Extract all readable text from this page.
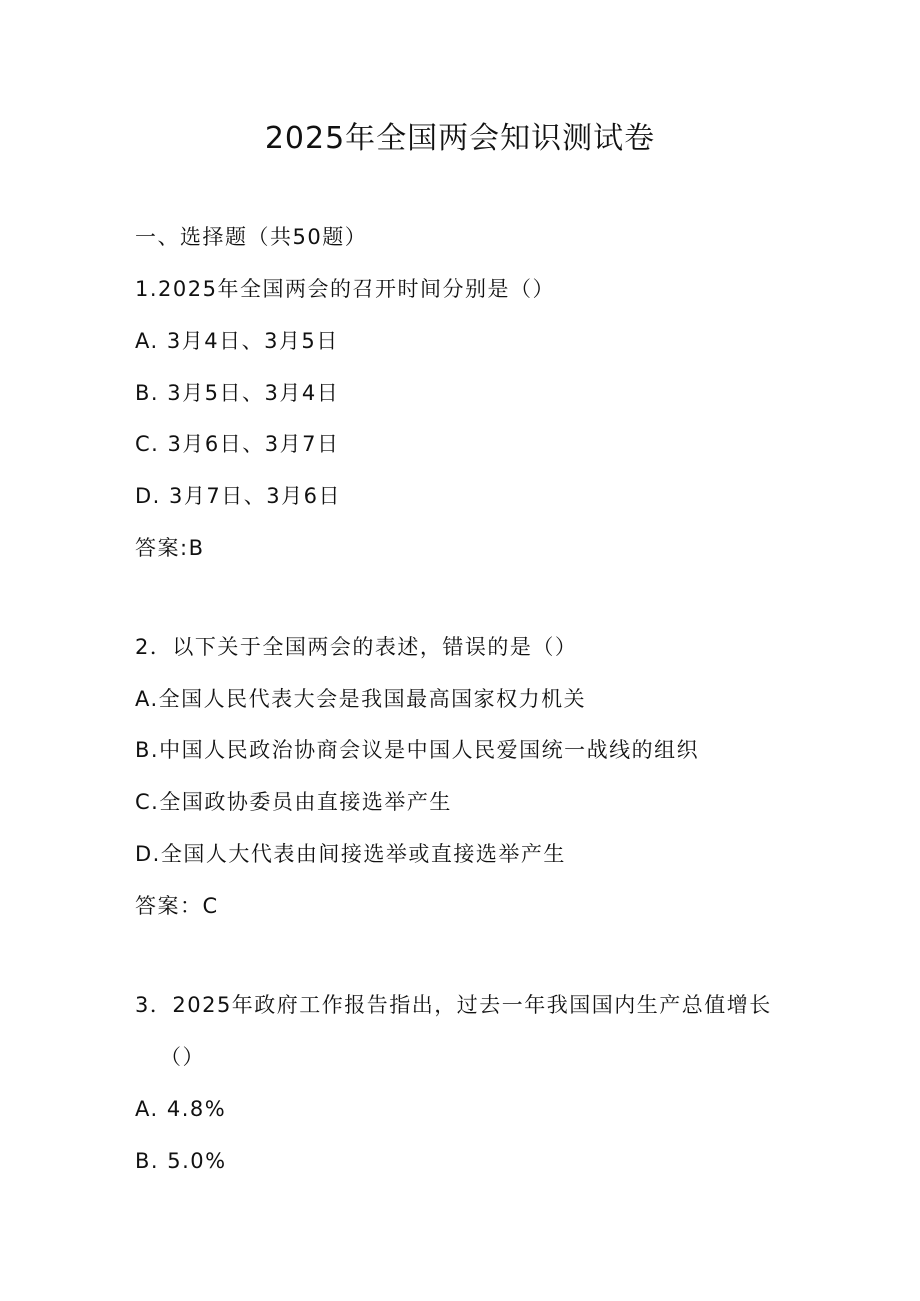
2025年全国两会知识测试卷

一、选择题（共50题）

1.2025年全国两会的召开时间分别是（）

A. 3月4日、3月5日

B. 3月5日、3月4日

C. 3月6日、3月7日

D. 3月7日、3月6日

答案:B

2．以下关于全国两会的表述，错误的是（）

A.全国人民代表大会是我国最高国家权力机关

B.中国人民政治协商会议是中国人民爱国统一战线的组织

C.全国政协委员由直接选举产生

D.全国人大代表由间接选举或直接选举产生

答案：C

3．2025年政府工作报告指出，过去一年我国国内生产总值增长

（）

A. 4.8%

B. 5.0%
